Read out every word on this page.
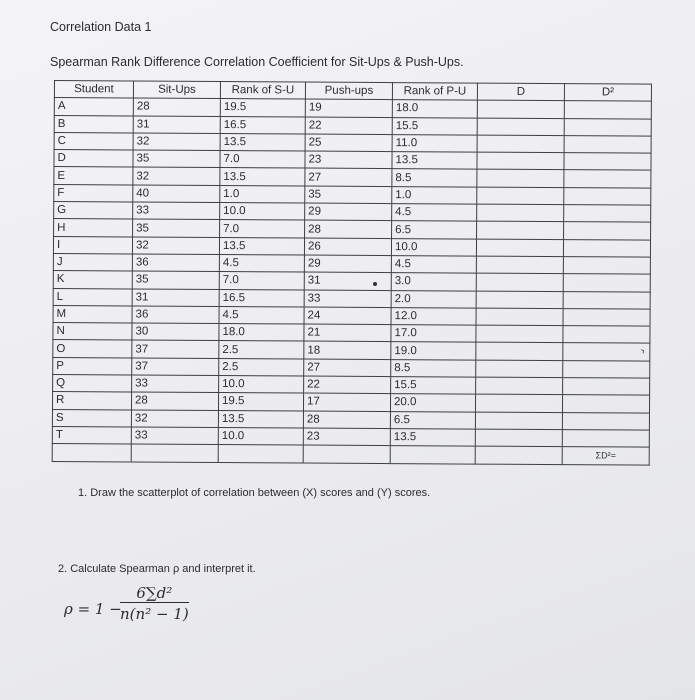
Correlation Data 1
Spearman Rank Difference Correlation Coefficient for Sit-Ups & Push-Ups.
Student	Sit-Ups	Rank of S-U	Push-ups	Rank of P-U	D	D²
A	28	19.5	19	18.0		
B	31	16.5	22	15.5		
C	32	13.5	25	11.0		
D	35	7.0	23	13.5		
E	32	13.5	27	8.5		
F	40	1.0	35	1.0		
G	33	10.0	29	4.5		
H	35	7.0	28	6.5		
I	32	13.5	26	10.0		
J	36	4.5	29	4.5		
K	35	7.0	31	3.0		
L	31	16.5	33	2.0		
M	36	4.5	24	12.0		
N	30	18.0	21	17.0		
O	37	2.5	18	19.0		
P	37	2.5	27	8.5		
Q	33	10.0	22	15.5		
R	28	19.5	17	20.0		
S	32	13.5	28	6.5		
T	33	10.0	23	13.5		
						ΣD²=
›
1. Draw the scatterplot of correlation between (X) scores and (Y) scores.
2. Calculate Spearman ρ and interpret it.
ρ = 1 −
$\frac{\text{6∑d²}}{\text{n(n² − 1)}}$
